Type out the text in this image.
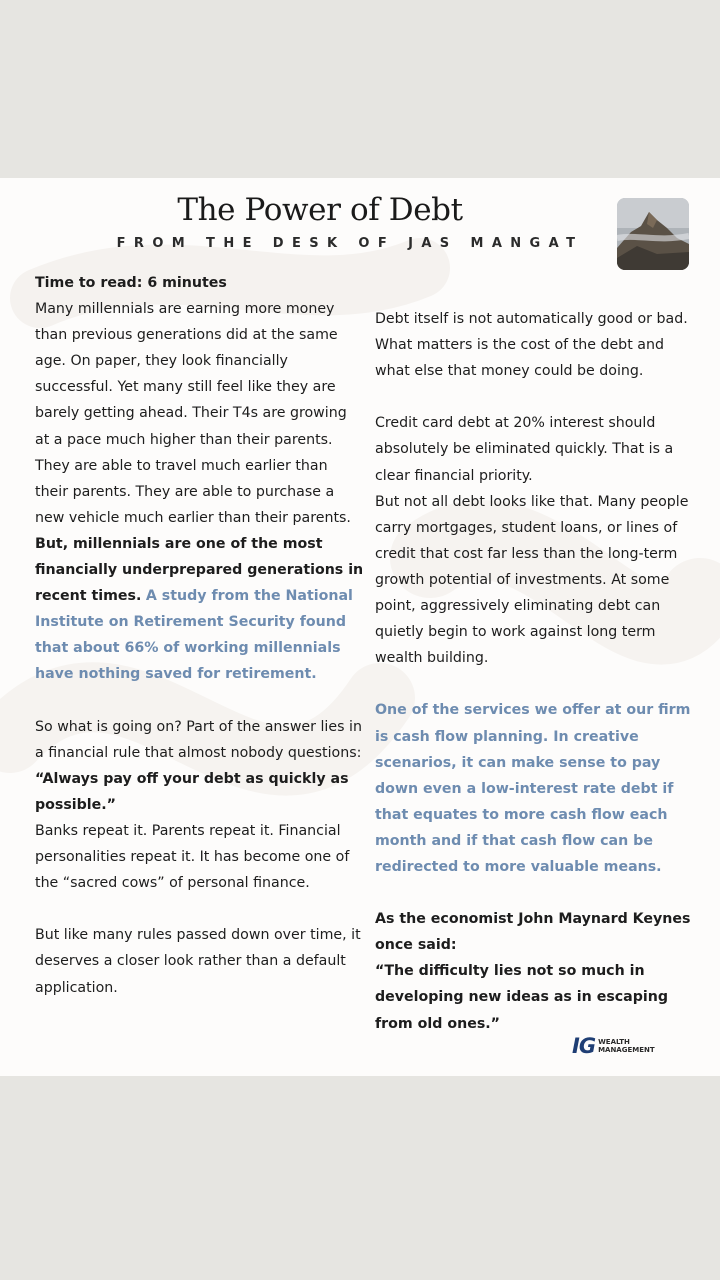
The Power of Debt
FROM THE DESK OF JAS MANGAT

Time to read: 6 minutes

Many millennials are earning more money than previous generations did at the same age. On paper, they look financially successful. Yet many still feel like they are barely getting ahead. Their T4s are growing at a pace much higher than their parents. They are able to travel much earlier than their parents. They are able to purchase a new vehicle much earlier than their parents. But, millennials are one of the most financially underprepared generations in recent times. A study from the National Institute on Retirement Security found that about 66% of working millennials have nothing saved for retirement.

So what is going on? Part of the answer lies in a financial rule that almost nobody questions:

“Always pay off your debt as quickly as possible.”

Banks repeat it. Parents repeat it. Financial personalities repeat it. It has become one of the “sacred cows” of personal finance.

But like many rules passed down over time, it deserves a closer look rather than a default application.

Debt itself is not automatically good or bad. What matters is the cost of the debt and what else that money could be doing.

Credit card debt at 20% interest should absolutely be eliminated quickly. That is a clear financial priority.

But not all debt looks like that. Many people carry mortgages, student loans, or lines of credit that cost far less than the long-term growth potential of investments. At some point, aggressively eliminating debt can quietly begin to work against long term wealth building.

One of the services we offer at our firm is cash flow planning. In creative scenarios, it can make sense to pay down even a low-interest rate debt if that equates to more cash flow each month and if that cash flow can be redirected to more valuable means.

As the economist John Maynard Keynes once said:

“The difficulty lies not so much in developing new ideas as in escaping from old ones.”

IG WEALTH
MANAGEMENT
